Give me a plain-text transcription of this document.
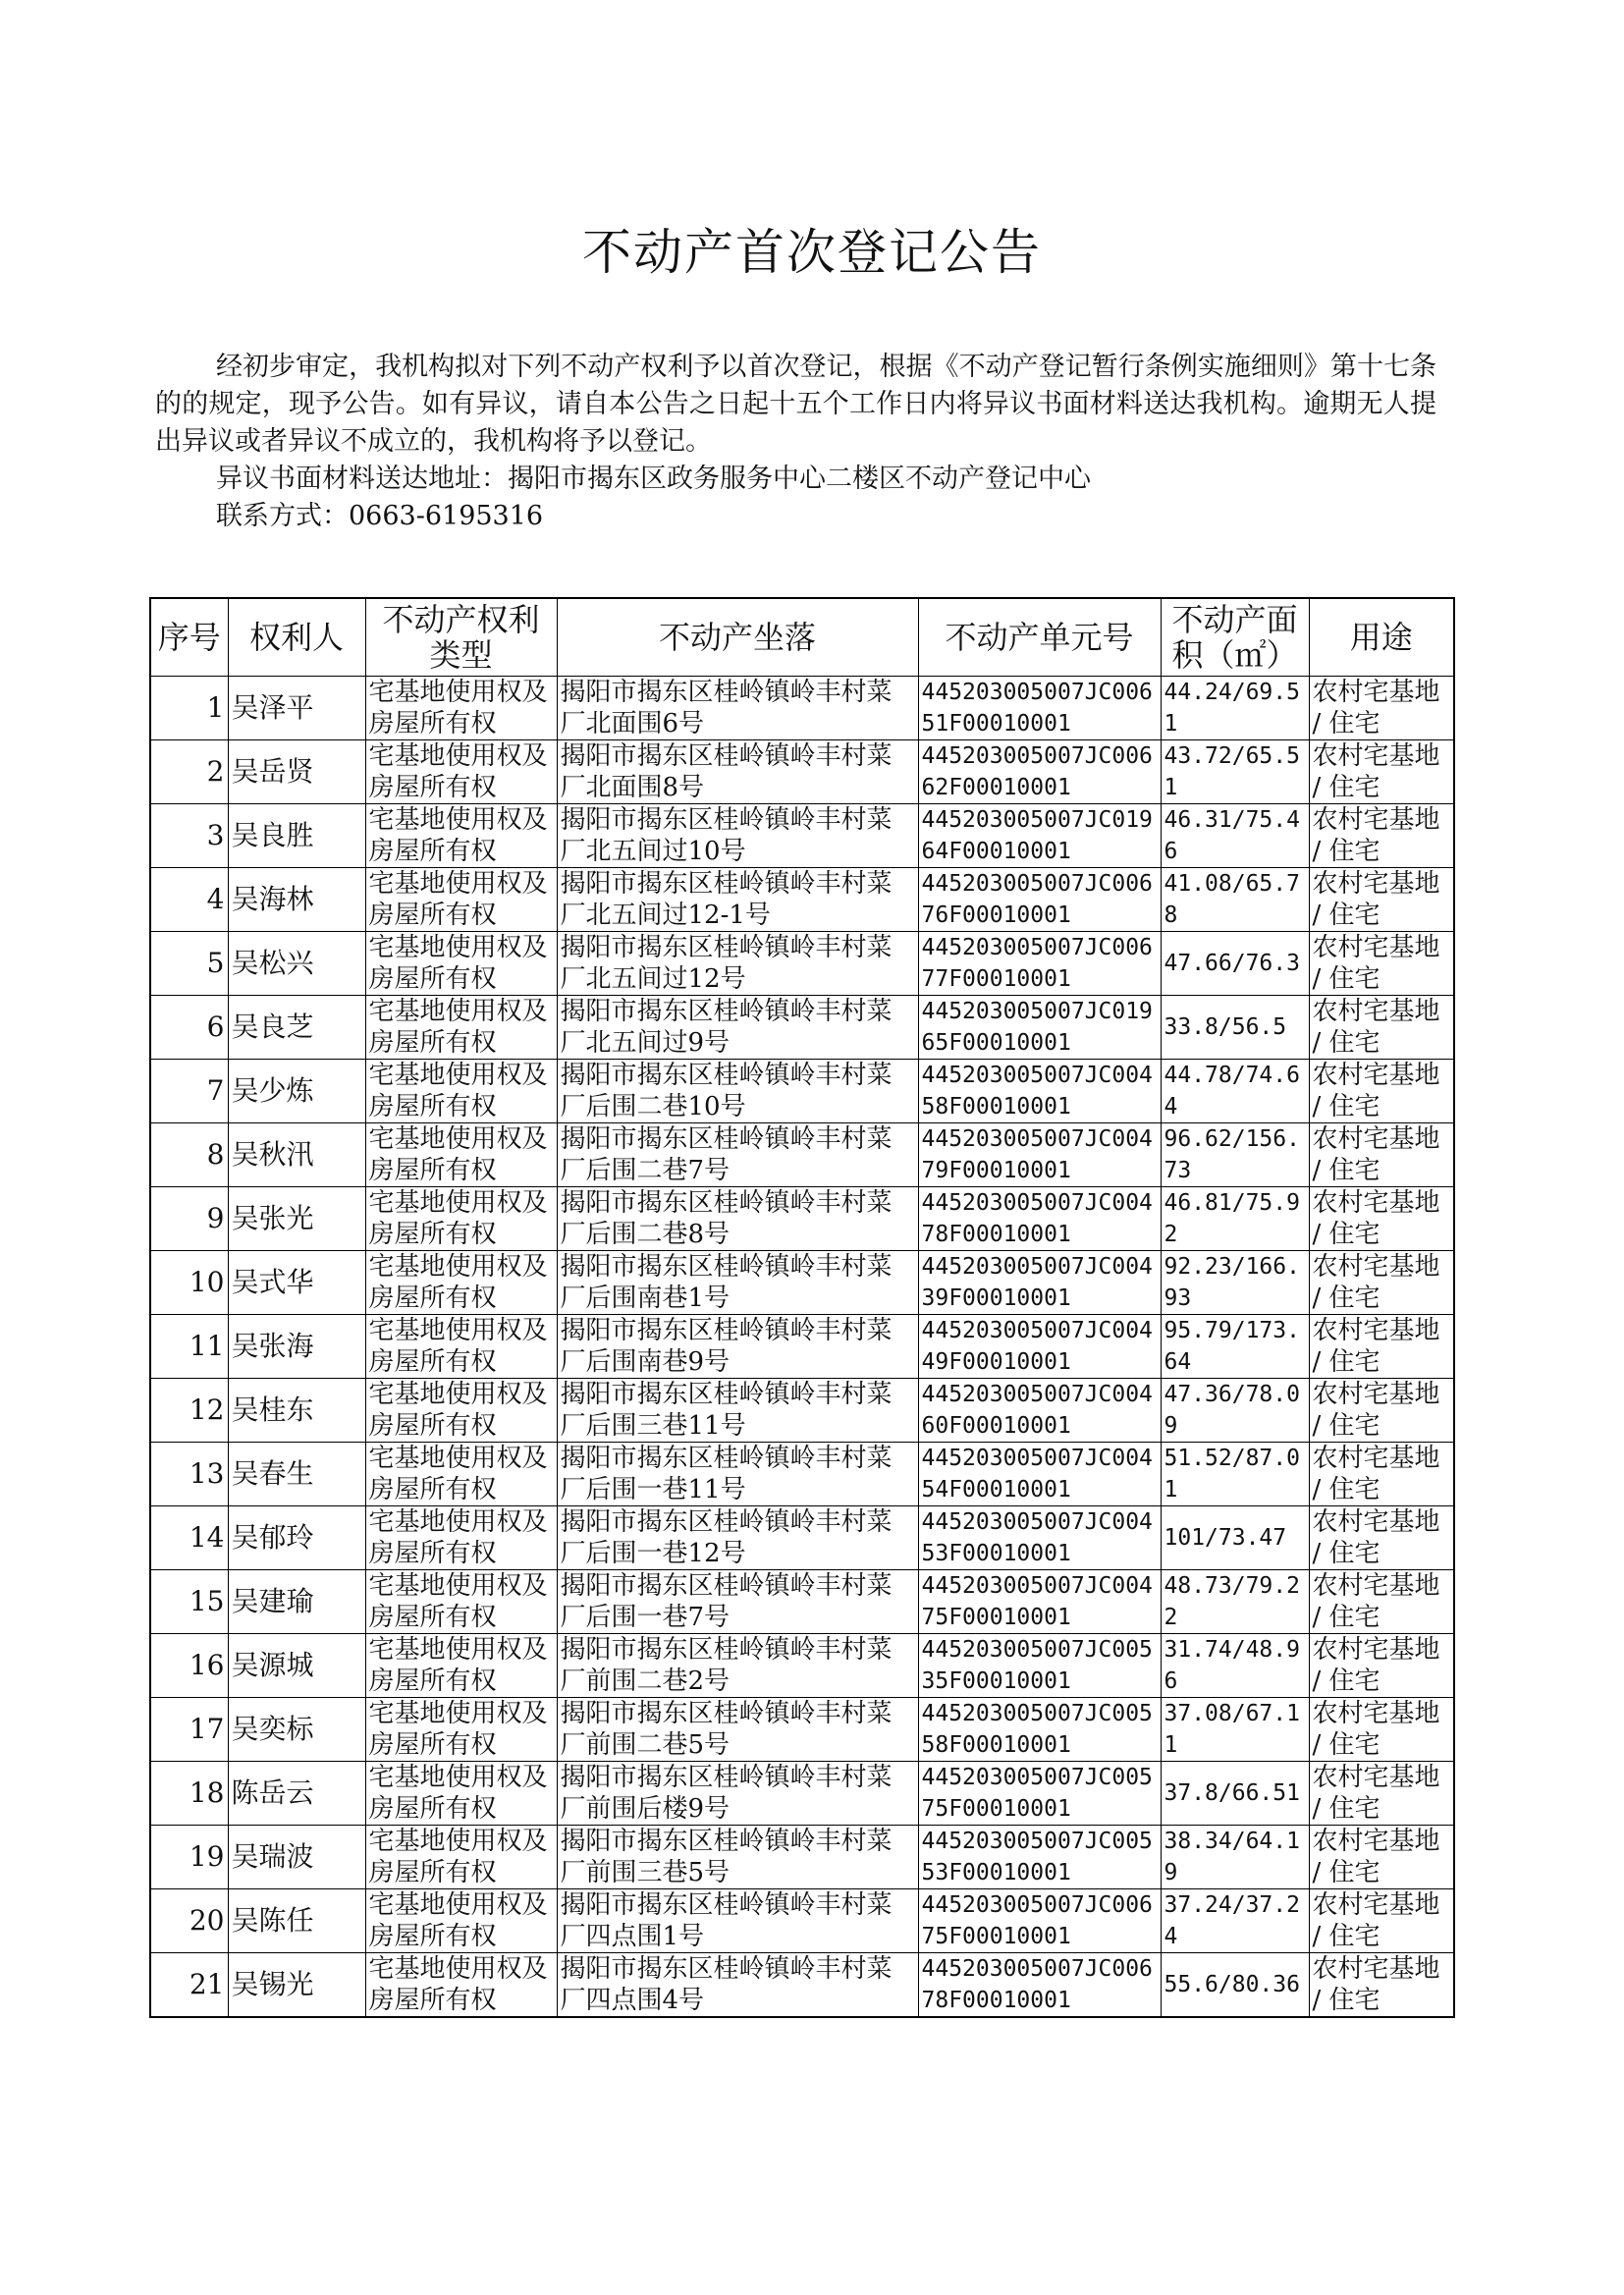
不动产首次登记公告

经初步审定，我机构拟对下列不动产权利予以首次登记，根据《不动产登记暂行条例实施细则》第十七条的的规定，现予公告。如有异议，请自本公告之日起十五个工作日内将异议书面材料送达我机构。逾期无人提出异议或者异议不成立的，我机构将予以登记。

异议书面材料送达地址：揭阳市揭东区政务服务中心二楼区不动产登记中心

联系方式：0663-6195316

序号	权利人	不动产权利类型	不动产坐落	不动产单元号	不动产面积（㎡）	用途
1	吴泽平	宅基地使用权及房屋所有权	揭阳市揭东区桂岭镇岭丰村菜厂北面围6号	445203005007JC00651F00010001	44.24/69.51	农村宅基地 / 住宅
2	吴岳贤	宅基地使用权及房屋所有权	揭阳市揭东区桂岭镇岭丰村菜厂北面围8号	445203005007JC00662F00010001	43.72/65.51	农村宅基地 / 住宅
3	吴良胜	宅基地使用权及房屋所有权	揭阳市揭东区桂岭镇岭丰村菜厂北五间过10号	445203005007JC01964F00010001	46.31/75.46	农村宅基地 / 住宅
4	吴海林	宅基地使用权及房屋所有权	揭阳市揭东区桂岭镇岭丰村菜厂北五间过12-1号	445203005007JC00676F00010001	41.08/65.78	农村宅基地 / 住宅
5	吴松兴	宅基地使用权及房屋所有权	揭阳市揭东区桂岭镇岭丰村菜厂北五间过12号	445203005007JC00677F00010001	47.66/76.3	农村宅基地 / 住宅
6	吴良芝	宅基地使用权及房屋所有权	揭阳市揭东区桂岭镇岭丰村菜厂北五间过9号	445203005007JC01965F00010001	33.8/56.5	农村宅基地 / 住宅
7	吴少炼	宅基地使用权及房屋所有权	揭阳市揭东区桂岭镇岭丰村菜厂后围二巷10号	445203005007JC00458F00010001	44.78/74.64	农村宅基地 / 住宅
8	吴秋汛	宅基地使用权及房屋所有权	揭阳市揭东区桂岭镇岭丰村菜厂后围二巷7号	445203005007JC00479F00010001	96.62/156.73	农村宅基地 / 住宅
9	吴张光	宅基地使用权及房屋所有权	揭阳市揭东区桂岭镇岭丰村菜厂后围二巷8号	445203005007JC00478F00010001	46.81/75.92	农村宅基地 / 住宅
10	吴式华	宅基地使用权及房屋所有权	揭阳市揭东区桂岭镇岭丰村菜厂后围南巷1号	445203005007JC00439F00010001	92.23/166.93	农村宅基地 / 住宅
11	吴张海	宅基地使用权及房屋所有权	揭阳市揭东区桂岭镇岭丰村菜厂后围南巷9号	445203005007JC00449F00010001	95.79/173.64	农村宅基地 / 住宅
12	吴桂东	宅基地使用权及房屋所有权	揭阳市揭东区桂岭镇岭丰村菜厂后围三巷11号	445203005007JC00460F00010001	47.36/78.09	农村宅基地 / 住宅
13	吴春生	宅基地使用权及房屋所有权	揭阳市揭东区桂岭镇岭丰村菜厂后围一巷11号	445203005007JC00454F00010001	51.52/87.01	农村宅基地 / 住宅
14	吴郁玲	宅基地使用权及房屋所有权	揭阳市揭东区桂岭镇岭丰村菜厂后围一巷12号	445203005007JC00453F00010001	101/73.47	农村宅基地 / 住宅
15	吴建瑜	宅基地使用权及房屋所有权	揭阳市揭东区桂岭镇岭丰村菜厂后围一巷7号	445203005007JC00475F00010001	48.73/79.22	农村宅基地 / 住宅
16	吴源城	宅基地使用权及房屋所有权	揭阳市揭东区桂岭镇岭丰村菜厂前围二巷2号	445203005007JC00535F00010001	31.74/48.96	农村宅基地 / 住宅
17	吴奕标	宅基地使用权及房屋所有权	揭阳市揭东区桂岭镇岭丰村菜厂前围二巷5号	445203005007JC00558F00010001	37.08/67.11	农村宅基地 / 住宅
18	陈岳云	宅基地使用权及房屋所有权	揭阳市揭东区桂岭镇岭丰村菜厂前围后楼9号	445203005007JC00575F00010001	37.8/66.51	农村宅基地 / 住宅
19	吴瑞波	宅基地使用权及房屋所有权	揭阳市揭东区桂岭镇岭丰村菜厂前围三巷5号	445203005007JC00553F00010001	38.34/64.19	农村宅基地 / 住宅
20	吴陈任	宅基地使用权及房屋所有权	揭阳市揭东区桂岭镇岭丰村菜厂四点围1号	445203005007JC00675F00010001	37.24/37.24	农村宅基地 / 住宅
21	吴锡光	宅基地使用权及房屋所有权	揭阳市揭东区桂岭镇岭丰村菜厂四点围4号	445203005007JC00678F00010001	55.6/80.36	农村宅基地 / 住宅
